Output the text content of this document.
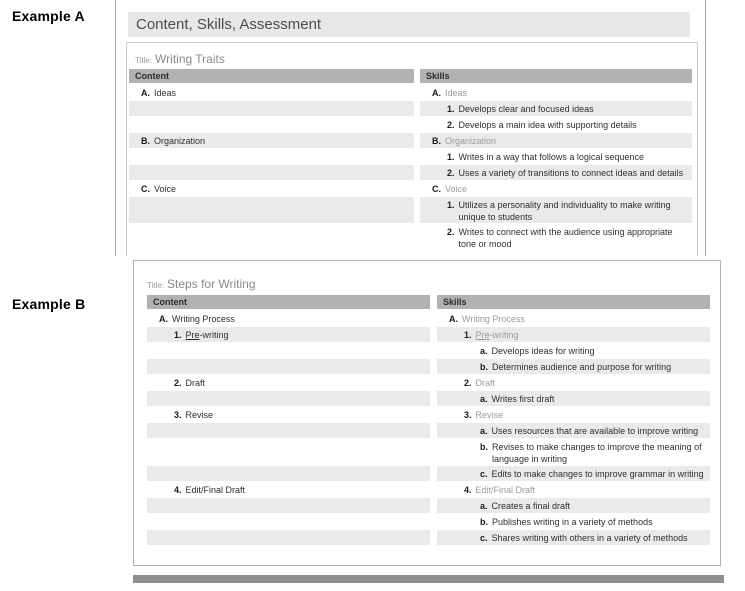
Example A
Example B
Content, Skills, Assessment
Title: Writing Traits
Content
A. Ideas
B. Organization
C. Voice
Skills
A. Ideas
1. Develops clear and focused ideas
2. Develops a main idea with supporting details
B. Organization
1. Writes in a way that follows a logical sequence
2. Uses a variety of transitions to connect ideas and details
C. Voice
1. Utilizes a personality and individuality to make writing unique to students
2. Writes to connect with the audience using appropriate tone or mood
Title: Steps for Writing
Content
A. Writing Process
1. Pre-writing
2. Draft
3. Revise
4. Edit/Final Draft
Skills
A. Writing Process
1. Pre-writing
a. Develops ideas for writing
b. Determines audience and purpose for writing
2. Draft
a. Writes first draft
3. Revise
a. Uses resources that are available to improve writing
b. Revises to make changes to improve the meaning of language in writing
c. Edits to make changes to improve grammar in writing
4. Edit/Final Draft
a. Creates a final draft
b. Publishes writing in a variety of methods
c. Shares writing with others in a variety of methods
